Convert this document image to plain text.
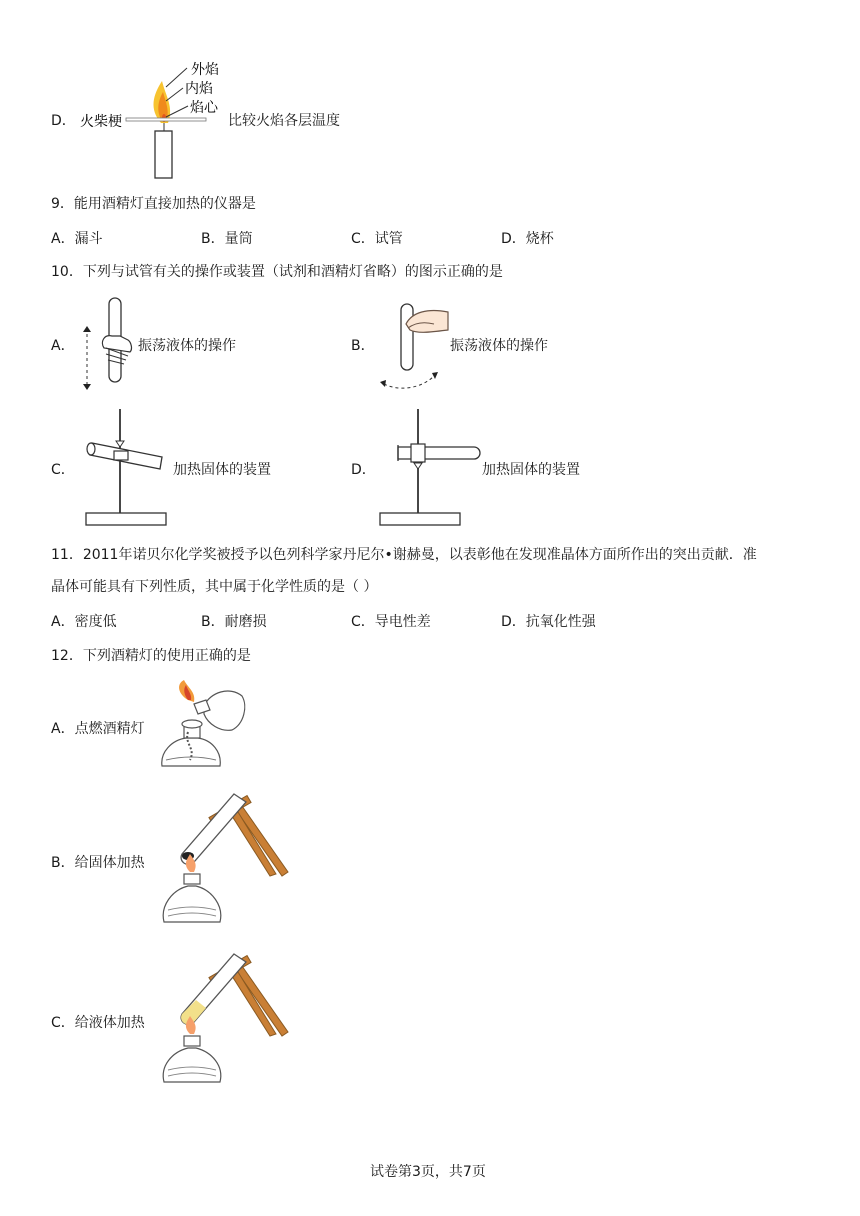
D． 火柴梗
外焰
内焰
焰心
比较火焰各层温度
9．能用酒精灯直接加热的仪器是
A．漏斗	B．量筒	C．试管	D．烧杯
10．下列与试管有关的操作或装置（试剂和酒精灯省略）的图示正确的是
A．	振荡液体的操作	B．	振荡液体的操作
C．	加热固体的装置	D．	加热固体的装置
11．2011年诺贝尔化学奖被授予以色列科学家丹尼尔•谢赫曼，以表彰他在发现准晶体方面所作出的突出贡献．准
晶体可能具有下列性质，其中属于化学性质的是（ ）
A．密度低	B．耐磨损	C．导电性差	D．抗氧化性强
12．下列酒精灯的使用正确的是
A．点燃酒精灯
B．给固体加热
C．给液体加热
试卷第3页，共7页
